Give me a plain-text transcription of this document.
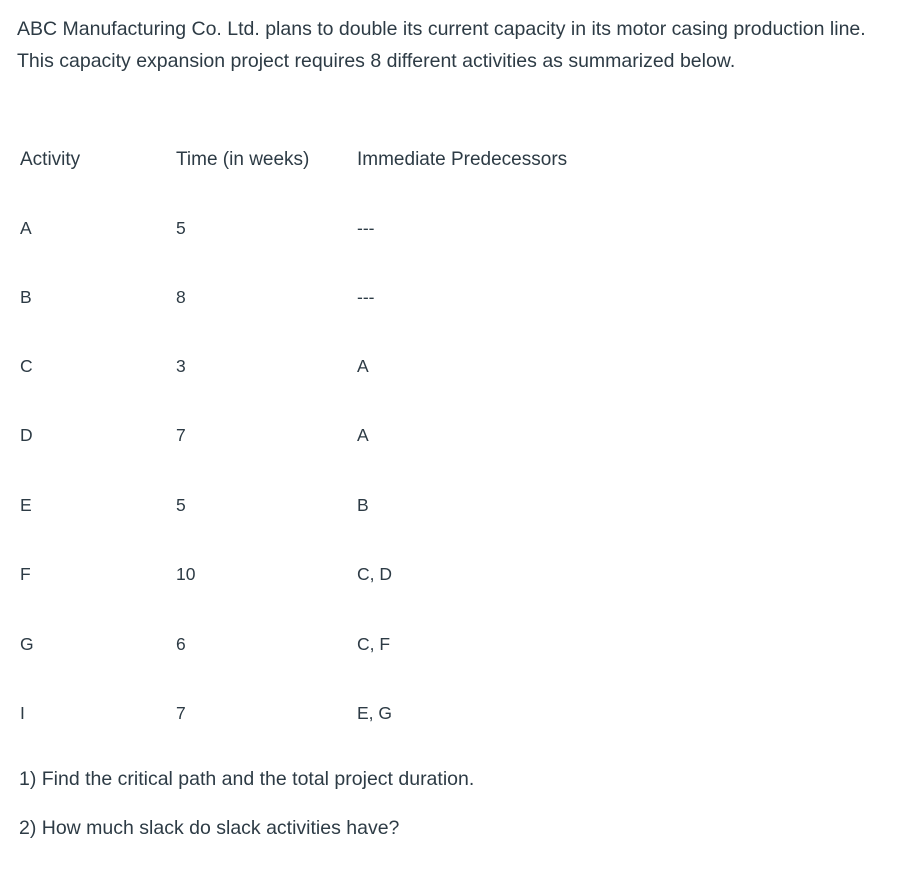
ABC Manufacturing Co. Ltd. plans to double its current capacity in its motor casing production line. This capacity expansion project requires 8 different activities as summarized below.

Activity	Time (in weeks)	Immediate Predecessors
A	5	---
B	8	---
C	3	A
D	7	A
E	5	B
F	10	C, D
G	6	C, F
I	7	E, G

1) Find the critical path and the total project duration.

2) How much slack do slack activities have?
